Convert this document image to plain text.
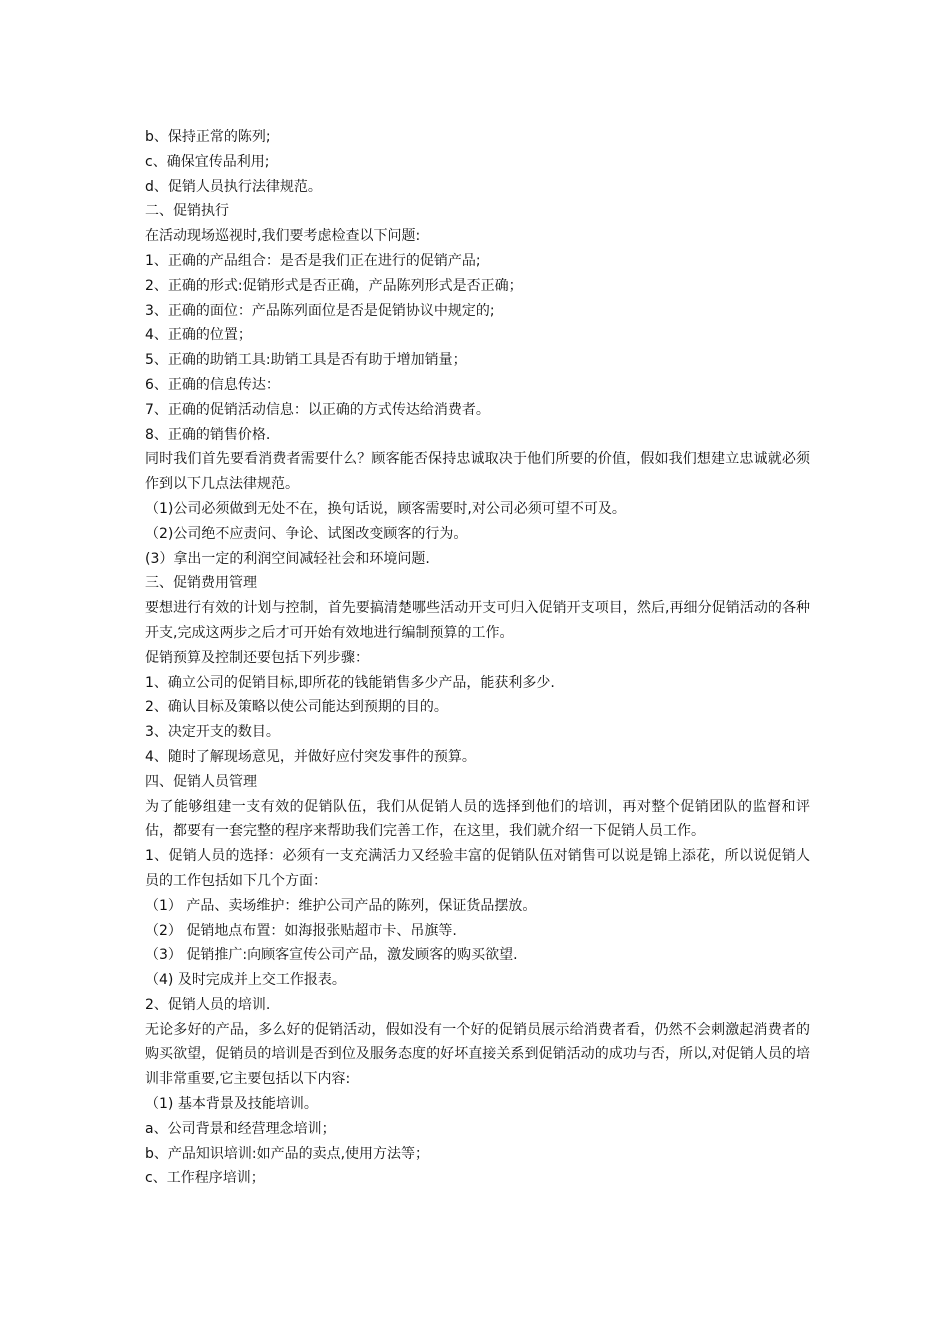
b、保持正常的陈列;
c、确保宜传品利用;
d、促销人员执行法律规范。
二、促销执行
在活动现场巡视时,我们要考虑检查以下问题:
1、正确的产品组合：是否是我们正在进行的促销产品;
2、正确的形式:促销形式是否正确，产品陈列形式是否正确；
3、正确的面位：产品陈列面位是否是促销协议中规定的;
4、正确的位置；
5、正确的助销工具:助销工具是否有助于增加销量；
6、正确的信息传达：
7、正确的促销活动信息：以正确的方式传达给消费者。
8、正确的销售价格.
同时我们首先要看消费者需要什么？顾客能否保持忠诚取决于他们所要的价值，假如我们想建立忠诚就必须作到以下几点法律规范。
（1)公司必须做到无处不在，换句话说，顾客需要时,对公司必须可望不可及。
（2)公司绝不应责问、争论、试图改变顾客的行为。
(3）拿出一定的利润空间减轻社会和环境问题.
三、促销费用管理
要想进行有效的计划与控制，首先要搞清楚哪些活动开支可归入促销开支项目，然后,再细分促销活动的各种开支,完成这两步之后才可开始有效地进行编制预算的工作。
促销预算及控制还要包括下列步骤：
1、确立公司的促销目标,即所花的钱能销售多少产品，能获利多少.
2、确认目标及策略以使公司能达到预期的目的。
3、决定开支的数目。
4、随时了解现场意见，并做好应付突发事件的预算。
四、促销人员管理
为了能够组建一支有效的促销队伍，我们从促销人员的选择到他们的培训，再对整个促销团队的监督和评估，都要有一套完整的程序来帮助我们完善工作，在这里，我们就介绍一下促销人员工作。
1、促销人员的选择：必须有一支充满活力又经验丰富的促销队伍对销售可以说是锦上添花，所以说促销人员的工作包括如下几个方面：
（1） 产品、卖场维护：维护公司产品的陈列，保证货品摆放。
（2） 促销地点布置：如海报张贴超市卡、吊旗等.
（3） 促销推广:向顾客宣传公司产品，激发顾客的购买欲望.
（4) 及时完成并上交工作报表。
2、促销人员的培训.
无论多好的产品，多么好的促销活动，假如没有一个好的促销员展示给消费者看，仍然不会刺激起消费者的购买欲望，促销员的培训是否到位及服务态度的好坏直接关系到促销活动的成功与否，所以,对促销人员的培训非常重要,它主要包括以下内容:
（1) 基本背景及技能培训。
a、公司背景和经营理念培训；
b、产品知识培训:如产品的卖点,使用方法等；
c、工作程序培训；
